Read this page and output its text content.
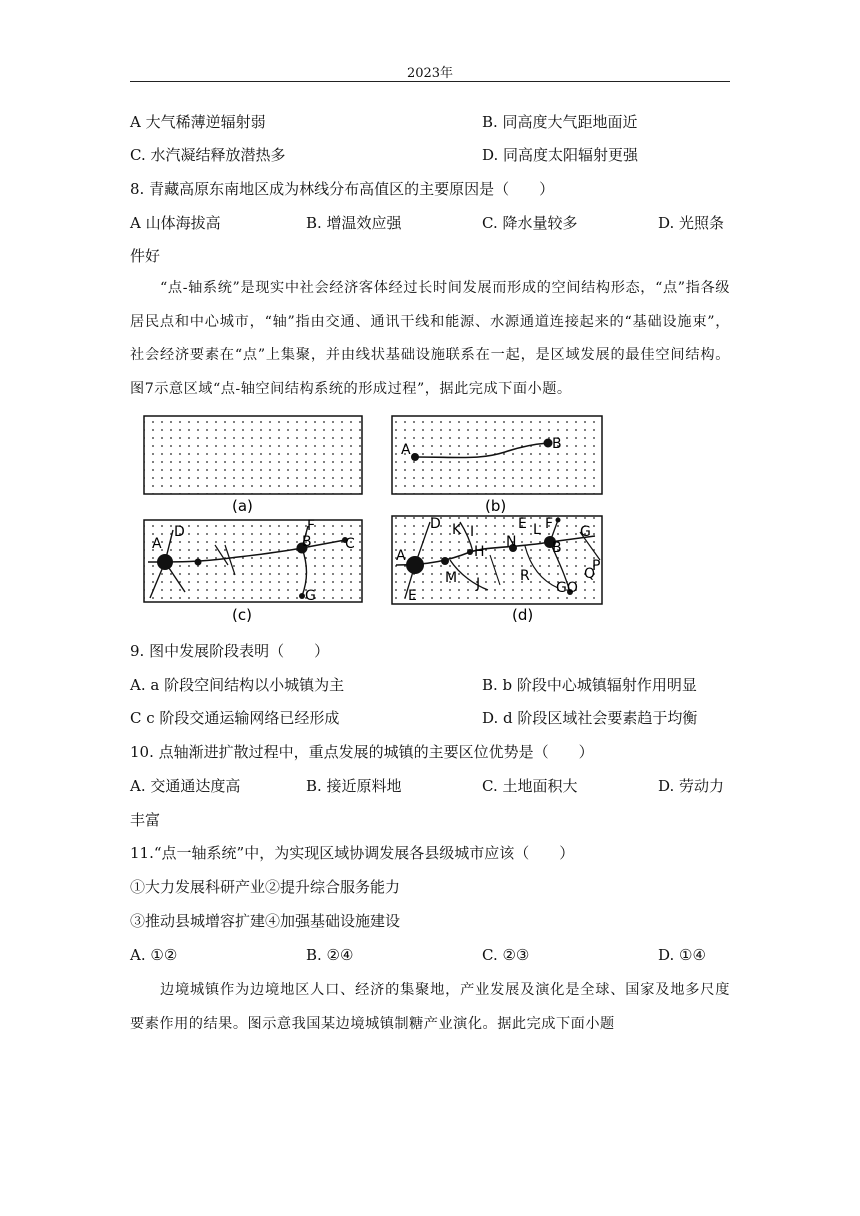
2023年
A 大气稀薄逆辐射弱	B. 同高度大气距地面近
C. 水汽凝结释放潜热多	D. 同高度太阳辐射更强
8. 青藏高原东南地区成为林线分布高值区的主要原因是（　　）
A 山体海拔高	B. 增温效应强	C. 降水量较多	D. 光照条
件好
“点-轴系统”是现实中社会经济客体经过长时间发展而形成的空间结构形态，“点”指各级居民点和中心城市，“轴”指由交通、通讯干线和能源、水源通道连接起来的“基础设施束”，社会经济要素在“点”上集聚，并由线状基础设施联系在一起，是区域发展的最佳空间结构。图7示意区域“点-轴空间结构系统的形成过程”，据此完成下面小题。
(a)
A	B
(b)
A
D	F
B C
G
(c)
D K I
H
E L F G
A
N	B
M	Q
P
R
J
E	GO
(d)
9. 图中发展阶段表明（　　）
A. a 阶段空间结构以小城镇为主	B. b 阶段中心城镇辐射作用明显
C c 阶段交通运输网络已经形成	D. d 阶段区域社会要素趋于均衡
10. 点轴渐进扩散过程中，重点发展的城镇的主要区位优势是（　　）
A. 交通通达度高	B. 接近原料地	C. 土地面积大	D. 劳动力
丰富
11.“点一轴系统”中，为实现区域协调发展各县级城市应该（　　）
①大力发展科研产业②提升综合服务能力
③推动县城增容扩建④加强基础设施建设
A. ①②	B. ②④	C. ②③	D. ①④
边境城镇作为边境地区人口、经济的集聚地，产业发展及演化是全球、国家及地多尺度要素作用的结果。图示意我国某边境城镇制糖产业演化。据此完成下面小题
